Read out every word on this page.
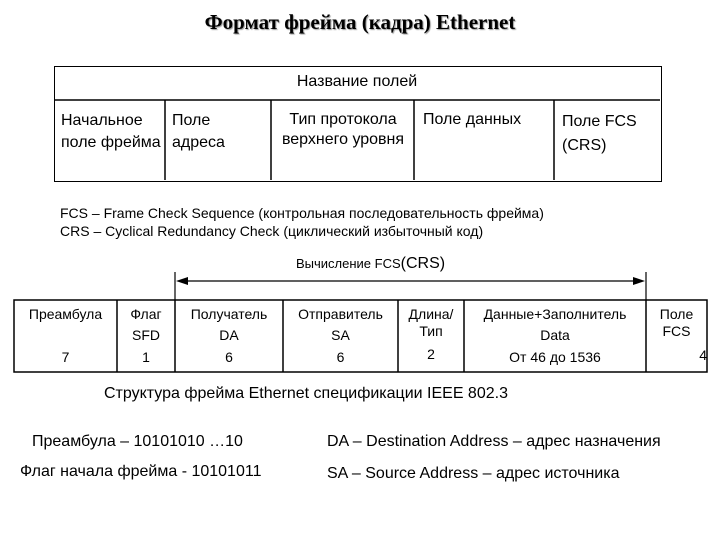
Формат фрейма (кадра) Ethernet
Название полей
Начальное поле фрейма
Поле адреса
Тип протокола верхнего уровня
Поле данных	Поле FCS (CRS)
FCS – Frame Check Sequence (контрольная последовательность фрейма)
CRS – Cyclical Redundancy Check (циклический избыточный код)
Вычисление FCS(CRS)
Преамбула
7
Флаг
SFD
1
Получатель
DA
6
Отправитель
SA
6
Длина/ Тип
2
Данные+Заполнитель
Data
От 46 до 1536
Поле FCS
4
Структура фрейма Ethernet спецификации IEEE 802.3
Преамбула – 10101010 …10
Флаг начала фрейма - 10101011
DA – Destination Address – адрес назначения
SA – Source Address – адрес источника
